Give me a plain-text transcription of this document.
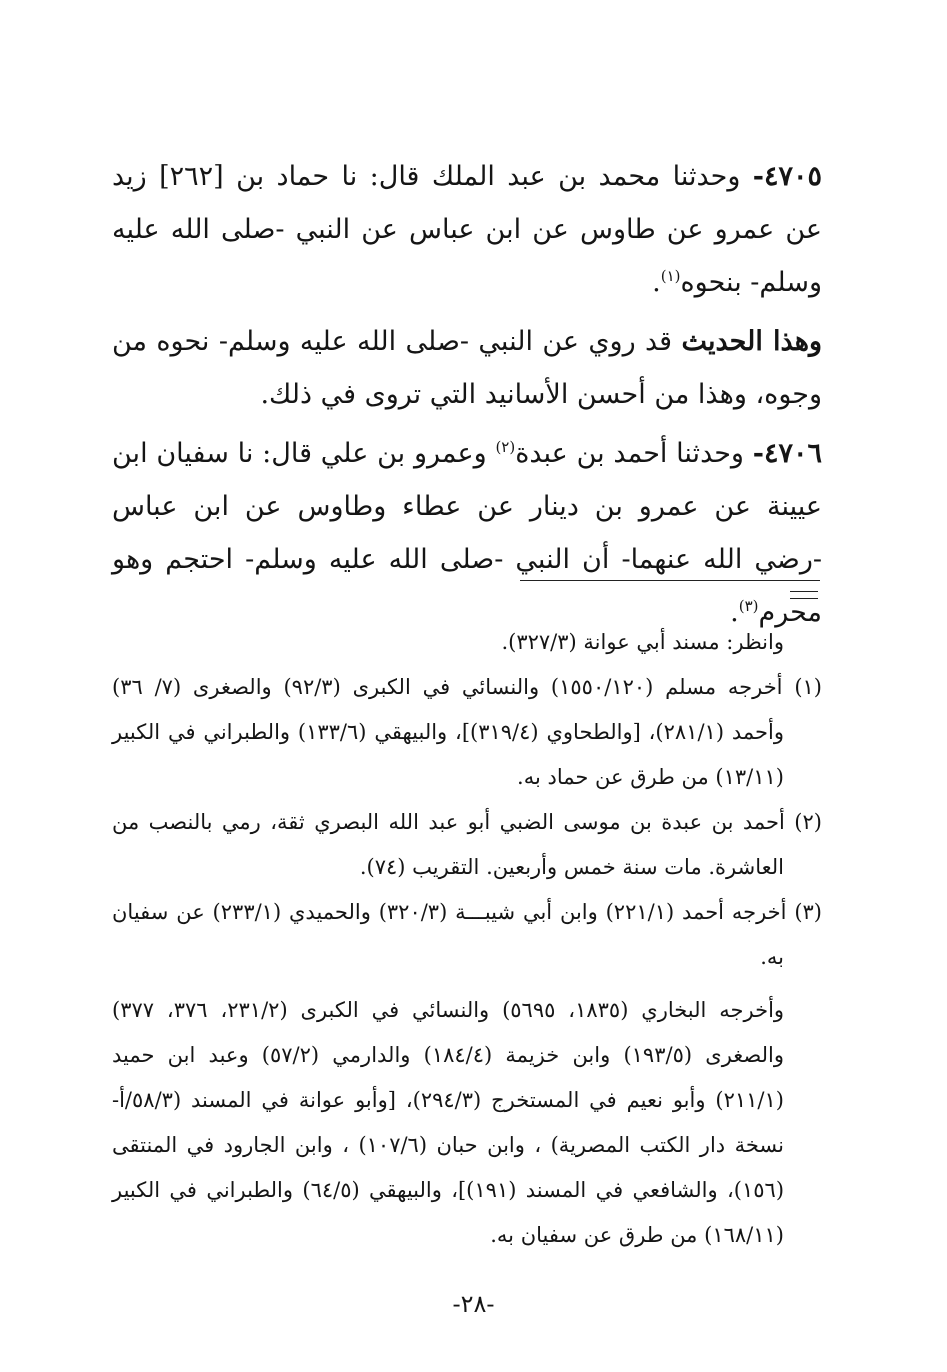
٤٧٠٥- وحدثنا محمد بن عبد الملك قال: نا حماد بن [٢٦٢] زيد عن عمرو عن طاوس عن ابن عباس عن النبي -صلى الله عليه وسلم- بنحوه$^{(١)}$.

وهذا الحديث قد روي عن النبي -صلى الله عليه وسلم- نحوه من وجوه، وهذا من أحسن الأسانيد التي تروى في ذلك.

٤٧٠٦- وحدثنا أحمد بن عبدة$^{(٢)}$ وعمرو بن علي قال: نا سفيان ابن عيينة عن عمرو بن دينار عن عطاء وطاوس عن ابن عباس -رضي الله عنهما- أن النبي -صلى الله عليه وسلم- احتجم وهو محرم$^{(٣)}$.

وانظر: مسند أبي عوانة (٣٢٧/٣).

(١) أخرجه مسلم (١٥٥٠/١٢٠) والنسائي في الكبرى (٩٢/٣) والصغرى (٧/ ٣٦) وأحمد (٢٨١/١)، [والطحاوي (٣١٩/٤)]، والبيهقي (١٣٣/٦) والطبراني في الكبير (١٣/١١) من طرق عن حماد به.

(٢) أحمد بن عبدة بن موسى الضبي أبو عبد الله البصري ثقة، رمي بالنصب من العاشرة. مات سنة خمس وأربعين. التقريب (٧٤).

(٣) أخرجه أحمد (٢٢١/١) وابن أبي شيبـــة (٣٢٠/٣) والحميدي (٢٣٣/١) عن سفيان به.

وأخرجه البخاري (١٨٣٥، ٥٦٩٥) والنسائي في الكبرى (٢٣١/٢، ٣٧٦، ٣٧٧) والصغرى (١٩٣/٥) وابن خزيمة (١٨٤/٤) والدارمي (٥٧/٢) وعبد ابن حميد (٢١١/١) وأبو نعيم في المستخرج (٢٩٤/٣)، [وأبو عوانة في المسند (٥٨/٣/أ- نسخة دار الكتب المصرية) ، وابن حبان (١٠٧/٦) ، وابن الجارود في المنتقى (١٥٦)، والشافعي في المسند (١٩١)]، والبيهقي (٦٤/٥) والطبراني في الكبير (١٦٨/١١) من طرق عن سفيان به.

-٢٨-
